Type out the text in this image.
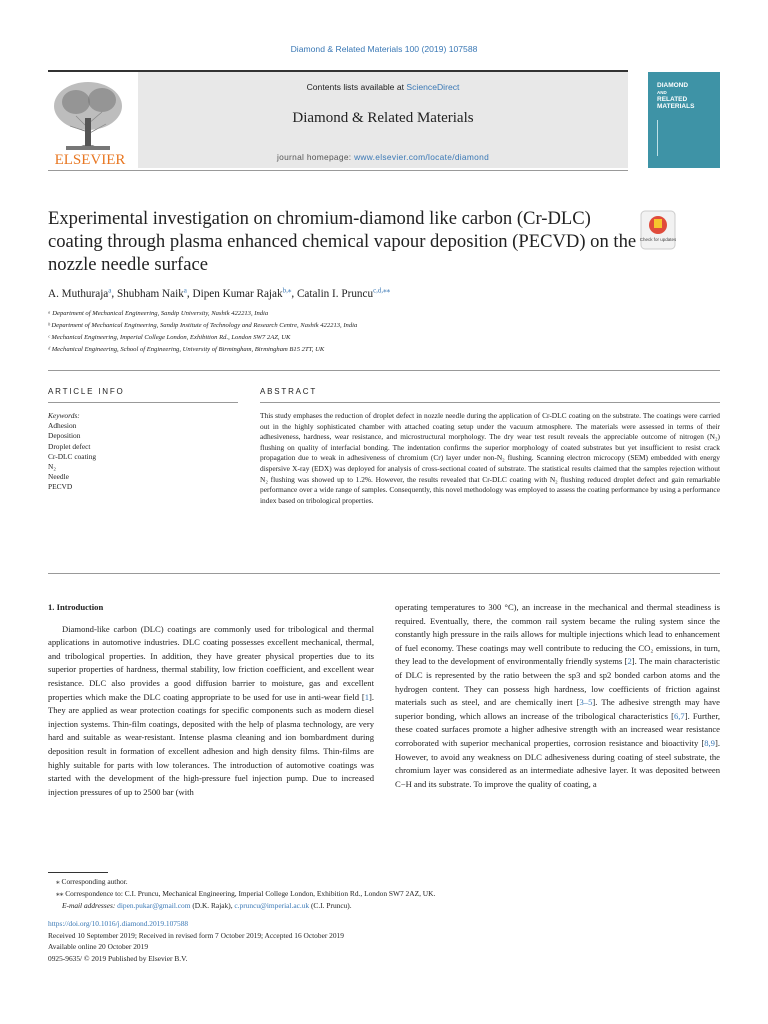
Diamond & Related Materials 100 (2019) 107588
ELSEVIER
Contents lists available at ScienceDirect
Diamond & Related Materials
journal homepage: www.elsevier.com/locate/diamond
DIAMOND
AND
RELATED
MATERIALS
Experimental investigation on chromium-diamond like carbon (Cr-DLC) coating through plasma enhanced chemical vapour deposition (PECVD) on the nozzle needle surface
Check for updates
A. Muthuraja$^a$, Shubham Naik$^a$, Dipen Kumar Rajak$^{b,⁎}$, Catalin I. Pruncu$^{c,d,⁎⁎}$
ᵃ Department of Mechanical Engineering, Sandip University, Nashik 422213, India
ᵇ Department of Mechanical Engineering, Sandip Institute of Technology and Research Centre, Nashik 422213, India
ᶜ Mechanical Engineering, Imperial College London, Exhibition Rd., London SW7 2AZ, UK
ᵈ Mechanical Engineering, School of Engineering, University of Birmingham, Birmingham B15 2TT, UK
ARTICLE INFO	ABSTRACT
Keywords:
Adhesion
Deposition
Droplet defect
Cr-DLC coating
N₂
Needle
PECVD
This study emphases the reduction of droplet defect in nozzle needle during the application of Cr-DLC coating on the substrate. The coatings were carried out in the highly sophisticated chamber with attached coating setup under the vacuum atmosphere. The materials were assessed in terms of their adhesiveness, hardness, wear resistance, and microstructural morphology. The dry wear test result reveals the appreciable outcome of nitrogen (N₂) flushing on quality of interfacial bonding. The indentation confirms the superior morphology of coated substrates but yet insufficient to resist crack propagation due to weak in adhesiveness of chromium (Cr) layer under non-N₂ flushing. Scanning electron microcopy (SEM) embedded with energy dispersive X-ray (EDX) was deployed for analysis of cross-sectional coated of substrate. The statistical results claimed that the samples rejection without N₂ flushing was showed up to 1.2%. However, the results revealed that Cr-DLC coating with N₂ flushing reduced droplet defect and gain remarkable performance over a wide range of samples. Consequently, this novel methodology was employed to assess the coating performance by using a performance index based on tribological properties.
1. Introduction

Diamond-like carbon (DLC) coatings are commonly used for tribological and thermal applications in automotive industries. DLC coating possesses excellent mechanical, thermal, and tribological properties. In addition, they have greater physical properties due to its superior properties of hardness, thermal stability, low friction coefficient, and excellent wear resistance. DLC also provides a good diffusion barrier to moisture, gas and excellent properties which make the DLC coating appropriate to be used for use in anti-wear field [1]. They are applied as wear protection coatings for specific components such as modern diesel injection systems. Thin-film coatings, deposited with the help of plasma technology, are very hard and suitable as wear-resistant. Intense plasma cleaning and ion bombardment during deposition result in formation of excellent adhesion and high density films. Thin-films are highly suitable for parts with low tolerances. The introduction of automotive coatings was started with the development of the high-pressure fuel injection pump. Due to increased injection pressures of up to 2500 bar (with

operating temperatures to 300 °C), an increase in the mechanical and thermal steadiness is required. Eventually, there, the common rail system became the ruling system since the constantly high pressure in the rails allows for multiple injections which lead to enhancement of fuel economy. These coatings may well contribute to reducing the CO₂ emissions, in turn, they lead to the development of environmentally friendly systems [2]. The main characteristic of DLC is represented by the ratio between the sp3 and sp2 bonded carbon atoms and the hydrogen content. They can possess high hardness, low coefficients of friction against materials such as steel, and are chemically inert [3–5]. The adhesive strength may have superior bonding, which allows an increase of the tribological characteristics [6,7]. Further, these coated surfaces promote a higher adhesive strength with an increased wear resistance corroborated with superior mechanical properties, corrosion resistance and bioactivity [8,9]. However, to avoid any weakness on DLC adhesiveness during coating of steel substrate, the chromium layer was considered as an intermediate adhesive layer. It was deposited between C−H and its substrate. To improve the quality of coating, a

⁎ Corresponding author.
⁎⁎ Correspondence to: C.I. Pruncu, Mechanical Engineering, Imperial College London, Exhibition Rd., London SW7 2AZ, UK.
E-mail addresses: dipen.pukar@gmail.com (D.K. Rajak), c.pruncu@imperial.ac.uk (C.I. Pruncu).
https://doi.org/10.1016/j.diamond.2019.107588
Received 10 September 2019; Received in revised form 7 October 2019; Accepted 16 October 2019
Available online 20 October 2019
0925-9635/ © 2019 Published by Elsevier B.V.
